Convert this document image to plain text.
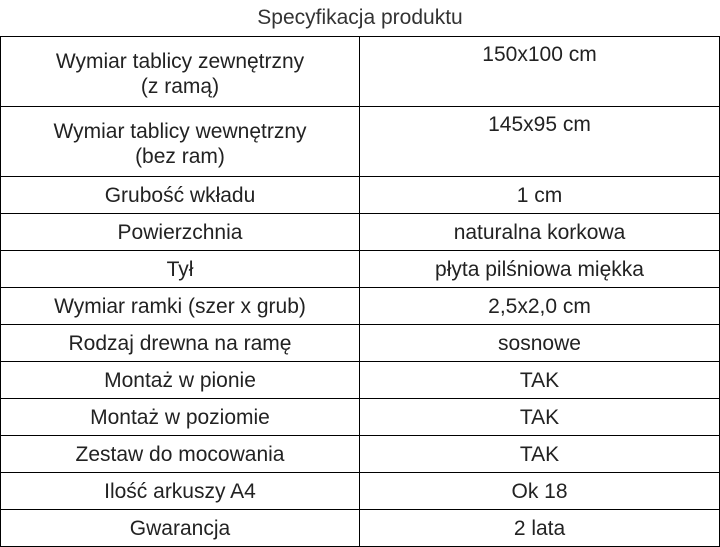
Specyfikacja produktu
Wymiar tablicy zewnętrzny
(z ramą)	150x100 cm
Wymiar tablicy wewnętrzny
(bez ram)	145x95 cm
Grubość wkładu	1 cm
Powierzchnia	naturalna korkowa
Tył	płyta pilśniowa miękka
Wymiar ramki (szer x grub)	2,5x2,0 cm
Rodzaj drewna na ramę	sosnowe
Montaż w pionie	TAK
Montaż w poziomie	TAK
Zestaw do mocowania	TAK
Ilość arkuszy A4	Ok 18
Gwarancja	2 lata
